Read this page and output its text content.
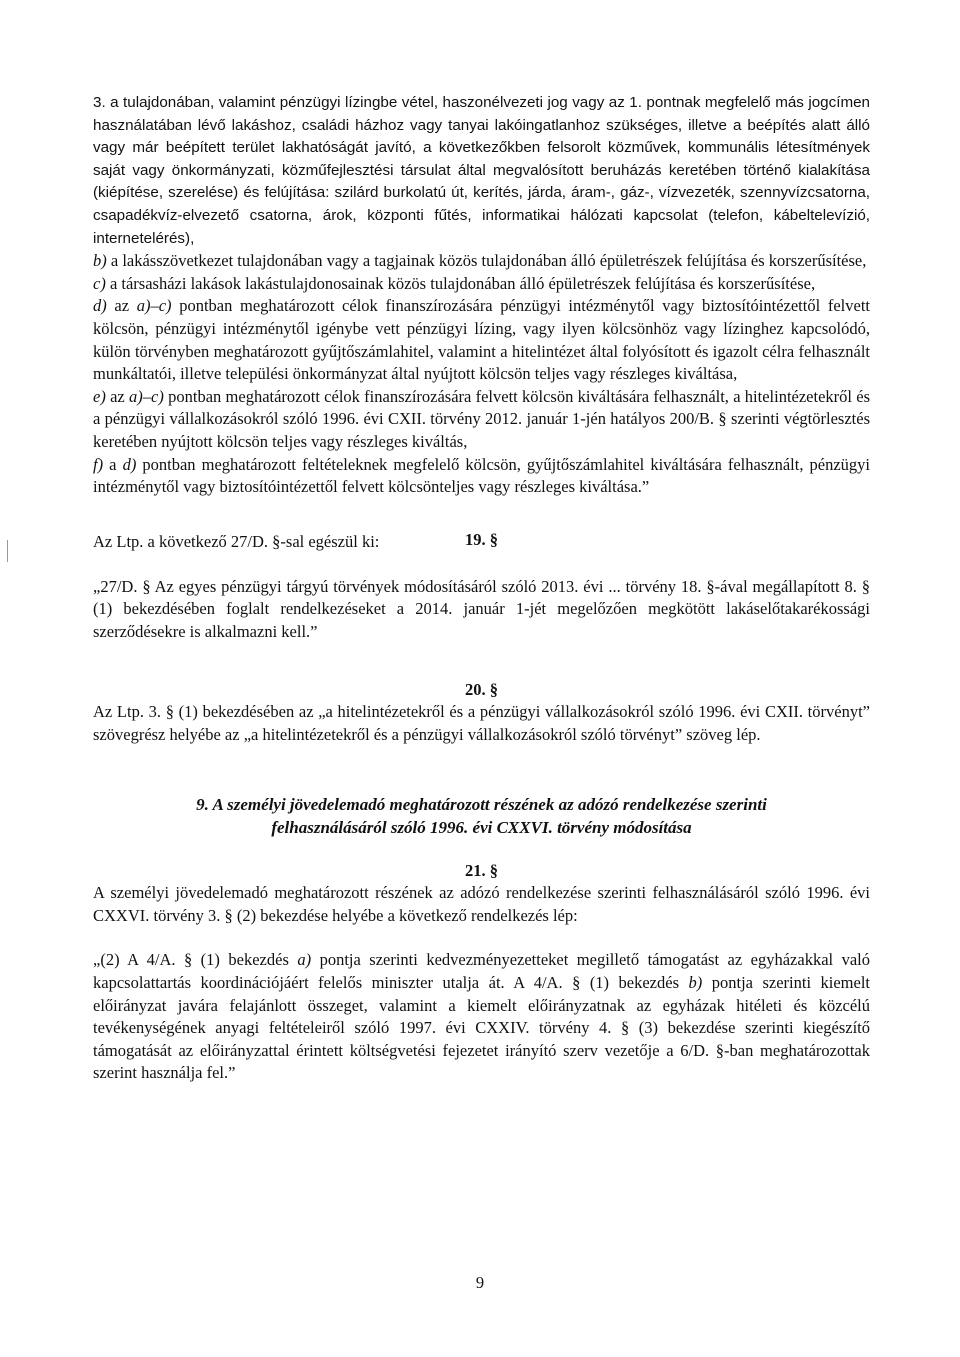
3. a tulajdonában, valamint pénzügyi lízingbe vétel, haszonélvezeti jog vagy az 1. pontnak megfelelő más jogcímen használatában lévő lakáshoz, családi házhoz vagy tanyai lakóingatlanhoz szükséges, illetve a beépítés alatt álló vagy már beépített terület lakhatóságát javító, a következőkben felsorolt közművek, kommunális létesítmények saját vagy önkormányzati, közműfejlesztési társulat által megvalósított beruházás keretében történő kialakítása (kiépítése, szerelése) és felújítása: szilárd burkolatú út, kerítés, járda, áram-, gáz-, vízvezeték, szennyvízcsatorna, csapadékvíz-elvezető csatorna, árok, központi fűtés, informatikai hálózati kapcsolat (telefon, kábeltelevízió, internetelérés),

b) a lakásszövetkezet tulajdonában vagy a tagjainak közös tulajdonában álló épületrészek felújítása és korszerűsítése,

c) a társasházi lakások lakástulajdonosainak közös tulajdonában álló épületrészek felújítása és korszerűsítése,

d) az a)–c) pontban meghatározott célok finanszírozására pénzügyi intézménytől vagy biztosítóintézettől felvett kölcsön, pénzügyi intézménytől igénybe vett pénzügyi lízing, vagy ilyen kölcsönhöz vagy lízinghez kapcsolódó, külön törvényben meghatározott gyűjtőszámlahitel, valamint a hitelintézet által folyósított és igazolt célra felhasznált munkáltatói, illetve települési önkormányzat által nyújtott kölcsön teljes vagy részleges kiváltása,

e) az a)–c) pontban meghatározott célok finanszírozására felvett kölcsön kiváltására felhasznált, a hitelintézetekről és a pénzügyi vállalkozásokról szóló 1996. évi CXII. törvény 2012. január 1-jén hatályos 200/B. § szerinti végtörlesztés keretében nyújtott kölcsön teljes vagy részleges kiváltás,

f) a d) pontban meghatározott feltételeknek megfelelő kölcsön, gyűjtőszámlahitel kiváltására felhasznált, pénzügyi intézménytől vagy biztosítóintézettől felvett kölcsönteljes vagy részleges kiváltása.”

19. §

Az Ltp. a következő 27/D. §-sal egészül ki:

„27/D. § Az egyes pénzügyi tárgyú törvények módosításáról szóló 2013. évi ... törvény 18. §-ával megállapított 8. § (1) bekezdésében foglalt rendelkezéseket a 2014. január 1-jét megelőzően megkötött lakáselőtakarékossági szerződésekre is alkalmazni kell.”

20. §

Az Ltp. 3. § (1) bekezdésében az „a hitelintézetekről és a pénzügyi vállalkozásokról szóló 1996. évi CXII. törvényt” szövegrész helyébe az „a hitelintézetekről és a pénzügyi vállalkozásokról szóló törvényt” szöveg lép.

9. A személyi jövedelemadó meghatározott részének az adózó rendelkezése szerinti
felhasználásáról szóló 1996. évi CXXVI. törvény módosítása
21. §

A személyi jövedelemadó meghatározott részének az adózó rendelkezése szerinti felhasználásáról szóló 1996. évi CXXVI. törvény 3. § (2) bekezdése helyébe a következő rendelkezés lép:

„(2) A 4/A. § (1) bekezdés a) pontja szerinti kedvezményezetteket megillető támogatást az egyházakkal való kapcsolattartás koordinációjáért felelős miniszter utalja át. A 4/A. § (1) bekezdés b) pontja szerinti kiemelt előirányzat javára felajánlott összeget, valamint a kiemelt előirányzatnak az egyházak hitéleti és közcélú tevékenységének anyagi feltételeiről szóló 1997. évi CXXIV. törvény 4. § (3) bekezdése szerinti kiegészítő támogatását az előirányzattal érintett költségvetési fejezetet irányító szerv vezetője a 6/D. §-ban meghatározottak szerint használja fel.”

9
